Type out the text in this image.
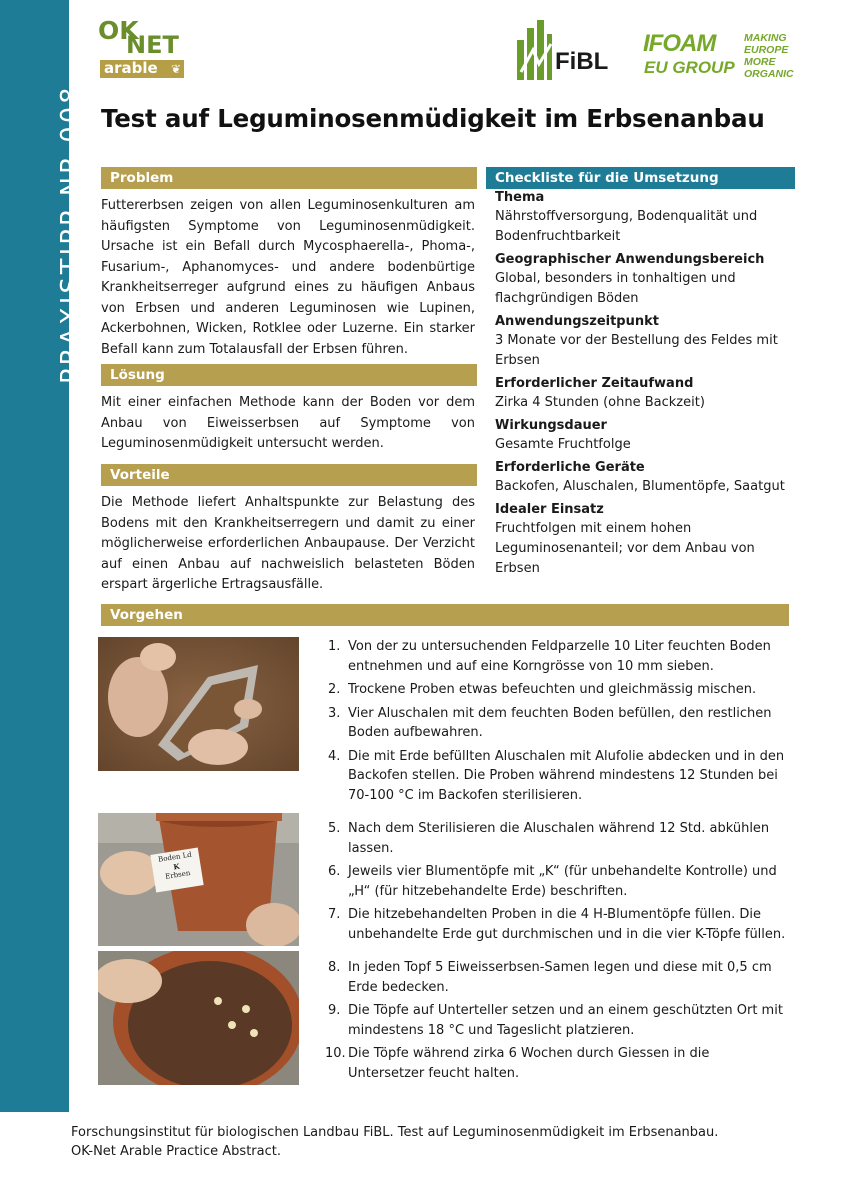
PRAXISTIPP NR.008
OK
NET
arable ❦	FiBL
IFOAM
EU GROUP
MAKING
EUROPE
MORE
ORGANIC
Test auf Leguminosenmüdigkeit im Erbsenanbau
Problem
Futtererbsen zeigen von allen Leguminosenkulturen am häufigsten Symptome von Leguminosenmüdigkeit. Ursache ist ein Befall durch Mycosphaerella-, Phoma-, Fusarium-, Aphanomyces- und andere bodenbürtige Krankheitserreger aufgrund eines zu häufigen Anbaus von Erbsen und anderen Leguminosen wie Lupinen, Ackerbohnen, Wicken, Rotklee oder Luzerne. Ein starker Befall kann zum Totalausfall der Erbsen führen.
Lösung
Mit einer einfachen Methode kann der Boden vor dem Anbau von Eiweisserbsen auf Symptome von Leguminosenmüdigkeit untersucht werden.
Vorteile
Die Methode liefert Anhaltspunkte zur Belastung des Bodens mit den Krankheitserregern und damit zu einer möglicherweise erforderlichen Anbaupause. Der Verzicht auf einen Anbau auf nachweislich belasteten Böden erspart ärgerliche Ertragsausfälle.
Checkliste für die Umsetzung
Thema
Nährstoffversorgung, Bodenqualität und Bodenfruchtbarkeit
Geographischer Anwendungsbereich
Global, besonders in tonhaltigen und flachgründigen Böden
Anwendungszeitpunkt
3 Monate vor der Bestellung des Feldes mit Erbsen
Erforderlicher Zeitaufwand
Zirka 4 Stunden (ohne Backzeit)
Wirkungsdauer
Gesamte Fruchtfolge
Erforderliche Geräte
Backofen, Aluschalen, Blumentöpfe, Saatgut
Idealer Einsatz
Fruchtfolgen mit einem hohen Leguminosenanteil; vor dem Anbau von Erbsen
Vorgehen
Boden Ld
K
Erbsen
1. Von der zu untersuchenden Feldparzelle 10 Liter feuchten Boden entnehmen und auf eine Korngrösse von 10 mm sieben.
2. Trockene Proben etwas befeuchten und gleichmässig mischen.
3. Vier Aluschalen mit dem feuchten Boden befüllen, den restlichen Boden aufbewahren.
4. Die mit Erde befüllten Aluschalen mit Alufolie abdecken und in den Backofen stellen. Die Proben während mindestens 12 Stunden bei 70-100 °C im Backofen sterilisieren.
5. Nach dem Sterilisieren die Aluschalen während 12 Std. abkühlen lassen.
6. Jeweils vier Blumentöpfe mit „K“ (für unbehandelte Kontrolle) und „H“ (für hitzebehandelte Erde) beschriften.
7. Die hitzebehandelten Proben in die 4 H-Blumentöpfe füllen. Die unbehandelte Erde gut durchmischen und in die vier K-Töpfe füllen.
8. In jeden Topf 5 Eiweisserbsen-Samen legen und diese mit 0,5 cm Erde bedecken.
9. Die Töpfe auf Unterteller setzen und an einem geschützten Ort mit mindestens 18 °C und Tageslicht platzieren.
10. Die Töpfe während zirka 6 Wochen durch Giessen in die Untersetzer feucht halten.
Forschungsinstitut für biologischen Landbau FiBL. Test auf Leguminosenmüdigkeit im Erbsenanbau.
OK-Net Arable Practice Abstract.
